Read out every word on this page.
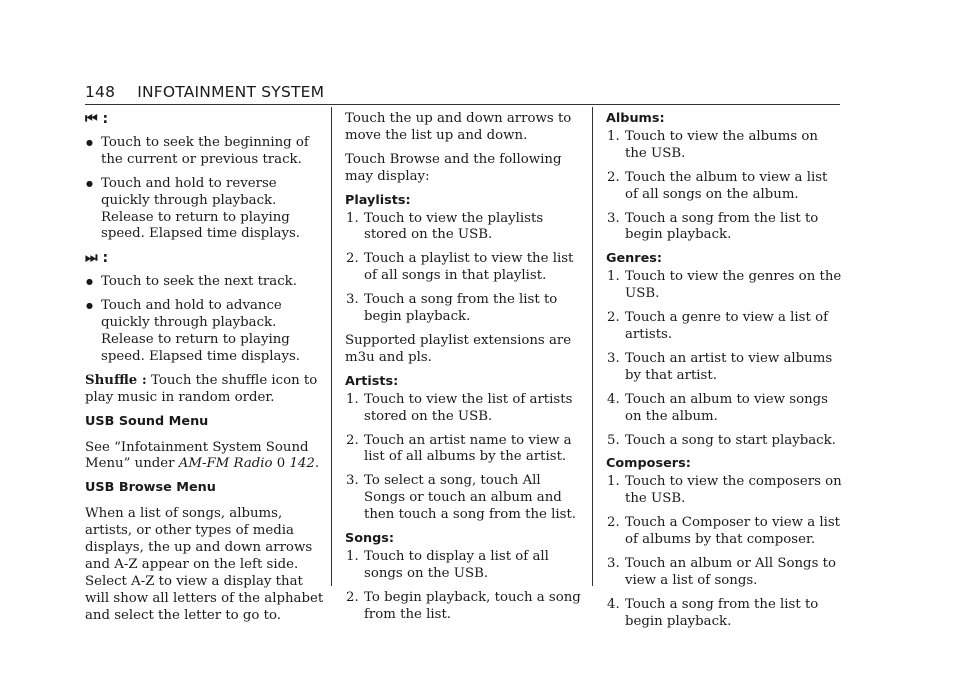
148 INFOTAINMENT SYSTEM

⏮ :

● Touch to seek the beginning of the current or previous track.

● Touch and hold to reverse quickly through playback. Release to return to playing speed. Elapsed time displays.

⏭ :

● Touch to seek the next track.

● Touch and hold to advance quickly through playback. Release to return to playing speed. Elapsed time displays.

Shuffle : Touch the shuffle icon to play music in random order.

USB Sound Menu

See “Infotainment System Sound Menu” under AM-FM Radio 0 142.

USB Browse Menu

When a list of songs, albums, artists, or other types of media displays, the up and down arrows and A-Z appear on the left side. Select A-Z to view a display that will show all letters of the alphabet and select the letter to go to.

Touch the up and down arrows to move the list up and down.

Touch Browse and the following may display:

Playlists:

1. Touch to view the playlists stored on the USB.

2. Touch a playlist to view the list of all songs in that playlist.

3. Touch a song from the list to begin playback.

Supported playlist extensions are m3u and pls.

Artists:

1. Touch to view the list of artists stored on the USB.

2. Touch an artist name to view a list of all albums by the artist.

3. To select a song, touch All Songs or touch an album and then touch a song from the list.

Songs:

1. Touch to display a list of all songs on the USB.

2. To begin playback, touch a song from the list.

Albums:

1. Touch to view the albums on the USB.

2. Touch the album to view a list of all songs on the album.

3. Touch a song from the list to begin playback.

Genres:

1. Touch to view the genres on the USB.

2. Touch a genre to view a list of artists.

3. Touch an artist to view albums by that artist.

4. Touch an album to view songs on the album.

5. Touch a song to start playback.

Composers:

1. Touch to view the composers on the USB.

2. Touch a Composer to view a list of albums by that composer.

3. Touch an album or All Songs to view a list of songs.

4. Touch a song from the list to begin playback.
